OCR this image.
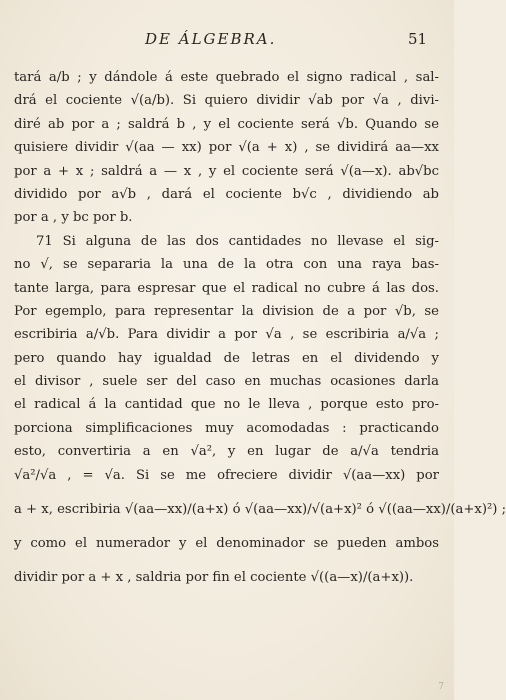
DE ÁLGEBRA.	51
tará a/b ; y dándole á este quebrado el signo radical , sal-
drá el cociente √(a/b). Si quiero dividir √ab por √a , divi-
diré ab por a ; saldrá b , y el cociente será √b. Quando se
quisiere dividir √(aa — xx) por √(a + x) , se dividirá aa—xx
por a + x ; saldrá a — x , y el cociente será √(a—x). ab√bc
dividido por a√b , dará el cociente b√c , dividiendo ab
por a , y bc por b.
71 Si alguna de las dos cantidades no llevase el sig-
no √, se separaria la una de la otra con una raya bas-
tante larga, para espresar que el radical no cubre á las dos.
Por egemplo, para representar la division de a por √b, se
escribiria a/√b. Para dividir a por √a , se escribiria a/√a ;
pero quando hay igualdad de letras en el dividendo y
el divisor , suele ser del caso en muchas ocasiones darla
el radical á la cantidad que no le lleva , porque esto pro-
porciona simplificaciones muy acomodadas : practicando
esto, convertiria a en √a², y en lugar de a/√a tendria
√a²/√a , = √a. Si se me ofreciere dividir √(aa—xx) por
a + x, escribiria √(aa—xx)/(a+x) ó √(aa—xx)/√(a+x)² ó √((aa—xx)/(a+x)²) ;
y como el numerador y el denominador se pueden ambos
dividir por a + x , saldria por fin el cociente √((a—x)/(a+x)).
7
